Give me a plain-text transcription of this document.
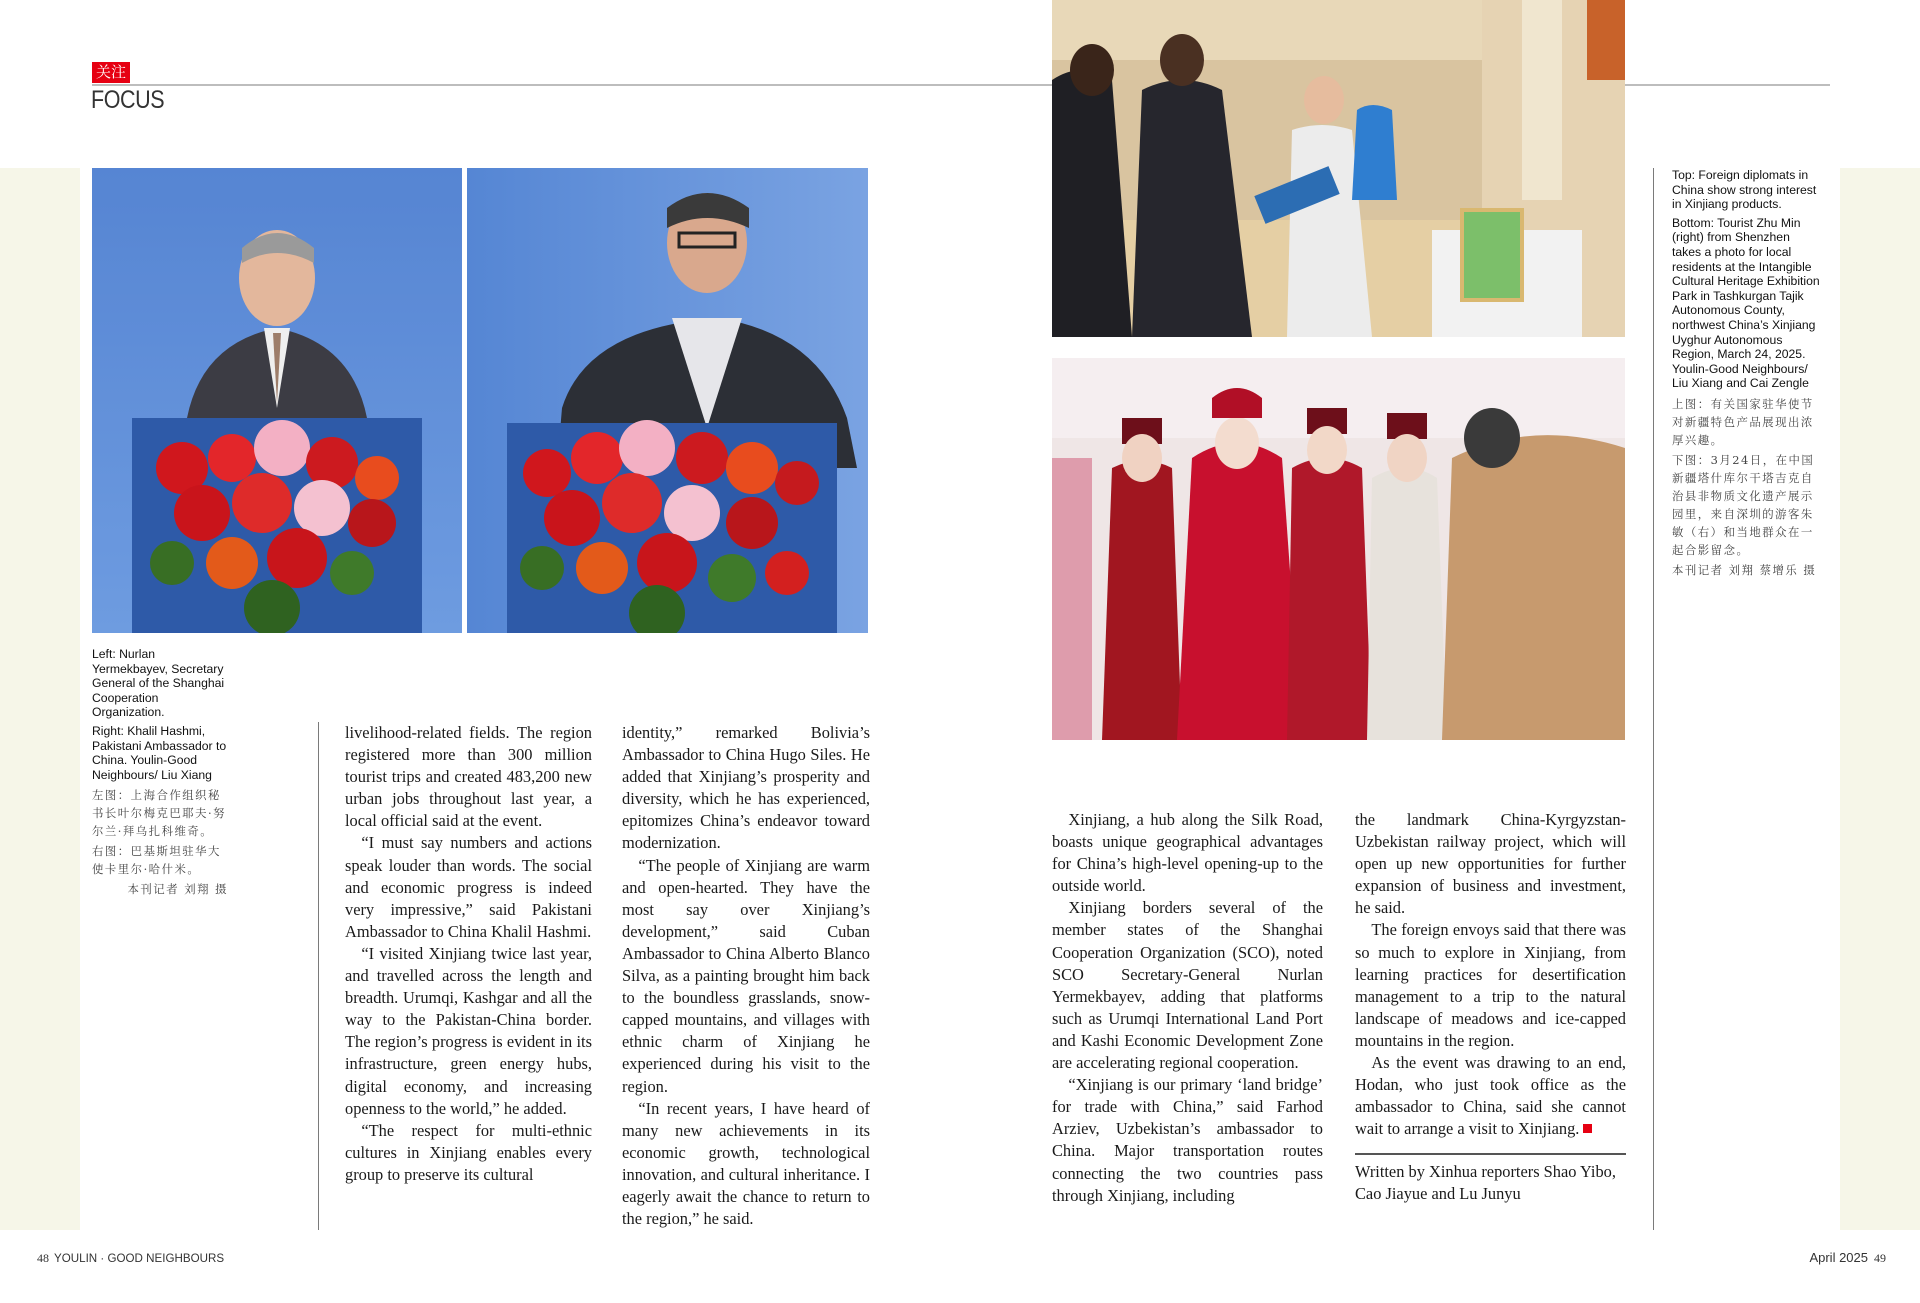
关注
FOCUS

Left: Nurlan Yermekbayev, Secretary General of the Shanghai Cooperation Organization.

Right: Khalil Hashmi, Pakistani Ambassador to China. Youlin-Good Neighbours/ Liu Xiang

左图：上海合作组织秘书长叶尔梅克巴耶夫·努尔兰·拜乌扎科维奇。

右图：巴基斯坦驻华大使卡里尔·哈什米。

本刊记者 刘翔 摄

livelihood-related fields. The region registered more than 300 million tourist trips and created 483,200 new urban jobs throughout last year, a local official said at the event.

“I must say numbers and actions speak louder than words. The social and economic progress is indeed very impressive,” said Pakistani Ambassador to China Khalil Hashmi.

“I visited Xinjiang twice last year, and travelled across the length and breadth. Urumqi, Kashgar and all the way to the Pakistan-China border. The region’s progress is evident in its infrastructure, green energy hubs, digital economy, and increasing openness to the world,” he added.

“The respect for multi-ethnic cultures in Xinjiang enables every group to preserve its cultural

identity,” remarked Bolivia’s Ambassador to China Hugo Siles. He added that Xinjiang’s prosperity and diversity, which he has experienced, epitomizes China’s endeavor toward modernization.

“The people of Xinjiang are warm and open-hearted. They have the most say over Xinjiang’s development,” said Cuban Ambassador to China Alberto Blanco Silva, as a painting brought him back to the boundless grasslands, snow-capped mountains, and villages with ethnic charm of Xinjiang he experienced during his visit to the region.

“In recent years, I have heard of many new achievements in its economic growth, technological innovation, and cultural inheritance. I eagerly await the chance to return to the region,” he said.

Xinjiang, a hub along the Silk Road, boasts unique geographical advantages for China’s high-level opening-up to the outside world.

Xinjiang borders several of the member states of the Shanghai Cooperation Organization (SCO), noted SCO Secretary-General Nurlan Yermekbayev, adding that platforms such as Urumqi International Land Port and Kashi Economic Development Zone are accelerating regional cooperation.

“Xinjiang is our primary ‘land bridge’ for trade with China,” said Farhod Arziev, Uzbekistan’s ambassador to China. Major transportation routes connecting the two countries pass through Xinjiang, including

the landmark China-Kyrgyzstan-Uzbekistan railway project, which will open up new opportunities for further expansion of business and investment, he said.

The foreign envoys said that there was so much to explore in Xinjiang, from learning practices for desertification management to a trip to the natural landscape of meadows and ice-capped mountains in the region.

As the event was drawing to an end, Hodan, who just took office as the ambassador to China, said she cannot wait to arrange a visit to Xinjiang.

Written by Xinhua reporters Shao Yibo, Cao Jiayue and Lu Junyu

Top: Foreign diplomats in China show strong interest in Xinjiang products.

Bottom: Tourist Zhu Min (right) from Shenzhen takes a photo for local residents at the Intangible Cultural Heritage Exhibition Park in Tashkurgan Tajik Autonomous County, northwest China’s Xinjiang Uyghur Autonomous Region, March 24, 2025. Youlin-Good Neighbours/ Liu Xiang and Cai Zengle

上图：有关国家驻华使节对新疆特色产品展现出浓厚兴趣。

下图：3月24日，在中国新疆塔什库尔干塔吉克自治县非物质文化遗产展示园里，来自深圳的游客朱敏（右）和当地群众在一起合影留念。

本刊记者 刘翔 蔡增乐 摄

48 YOULIN · GOOD NEIGHBOURS	April 2025 49
